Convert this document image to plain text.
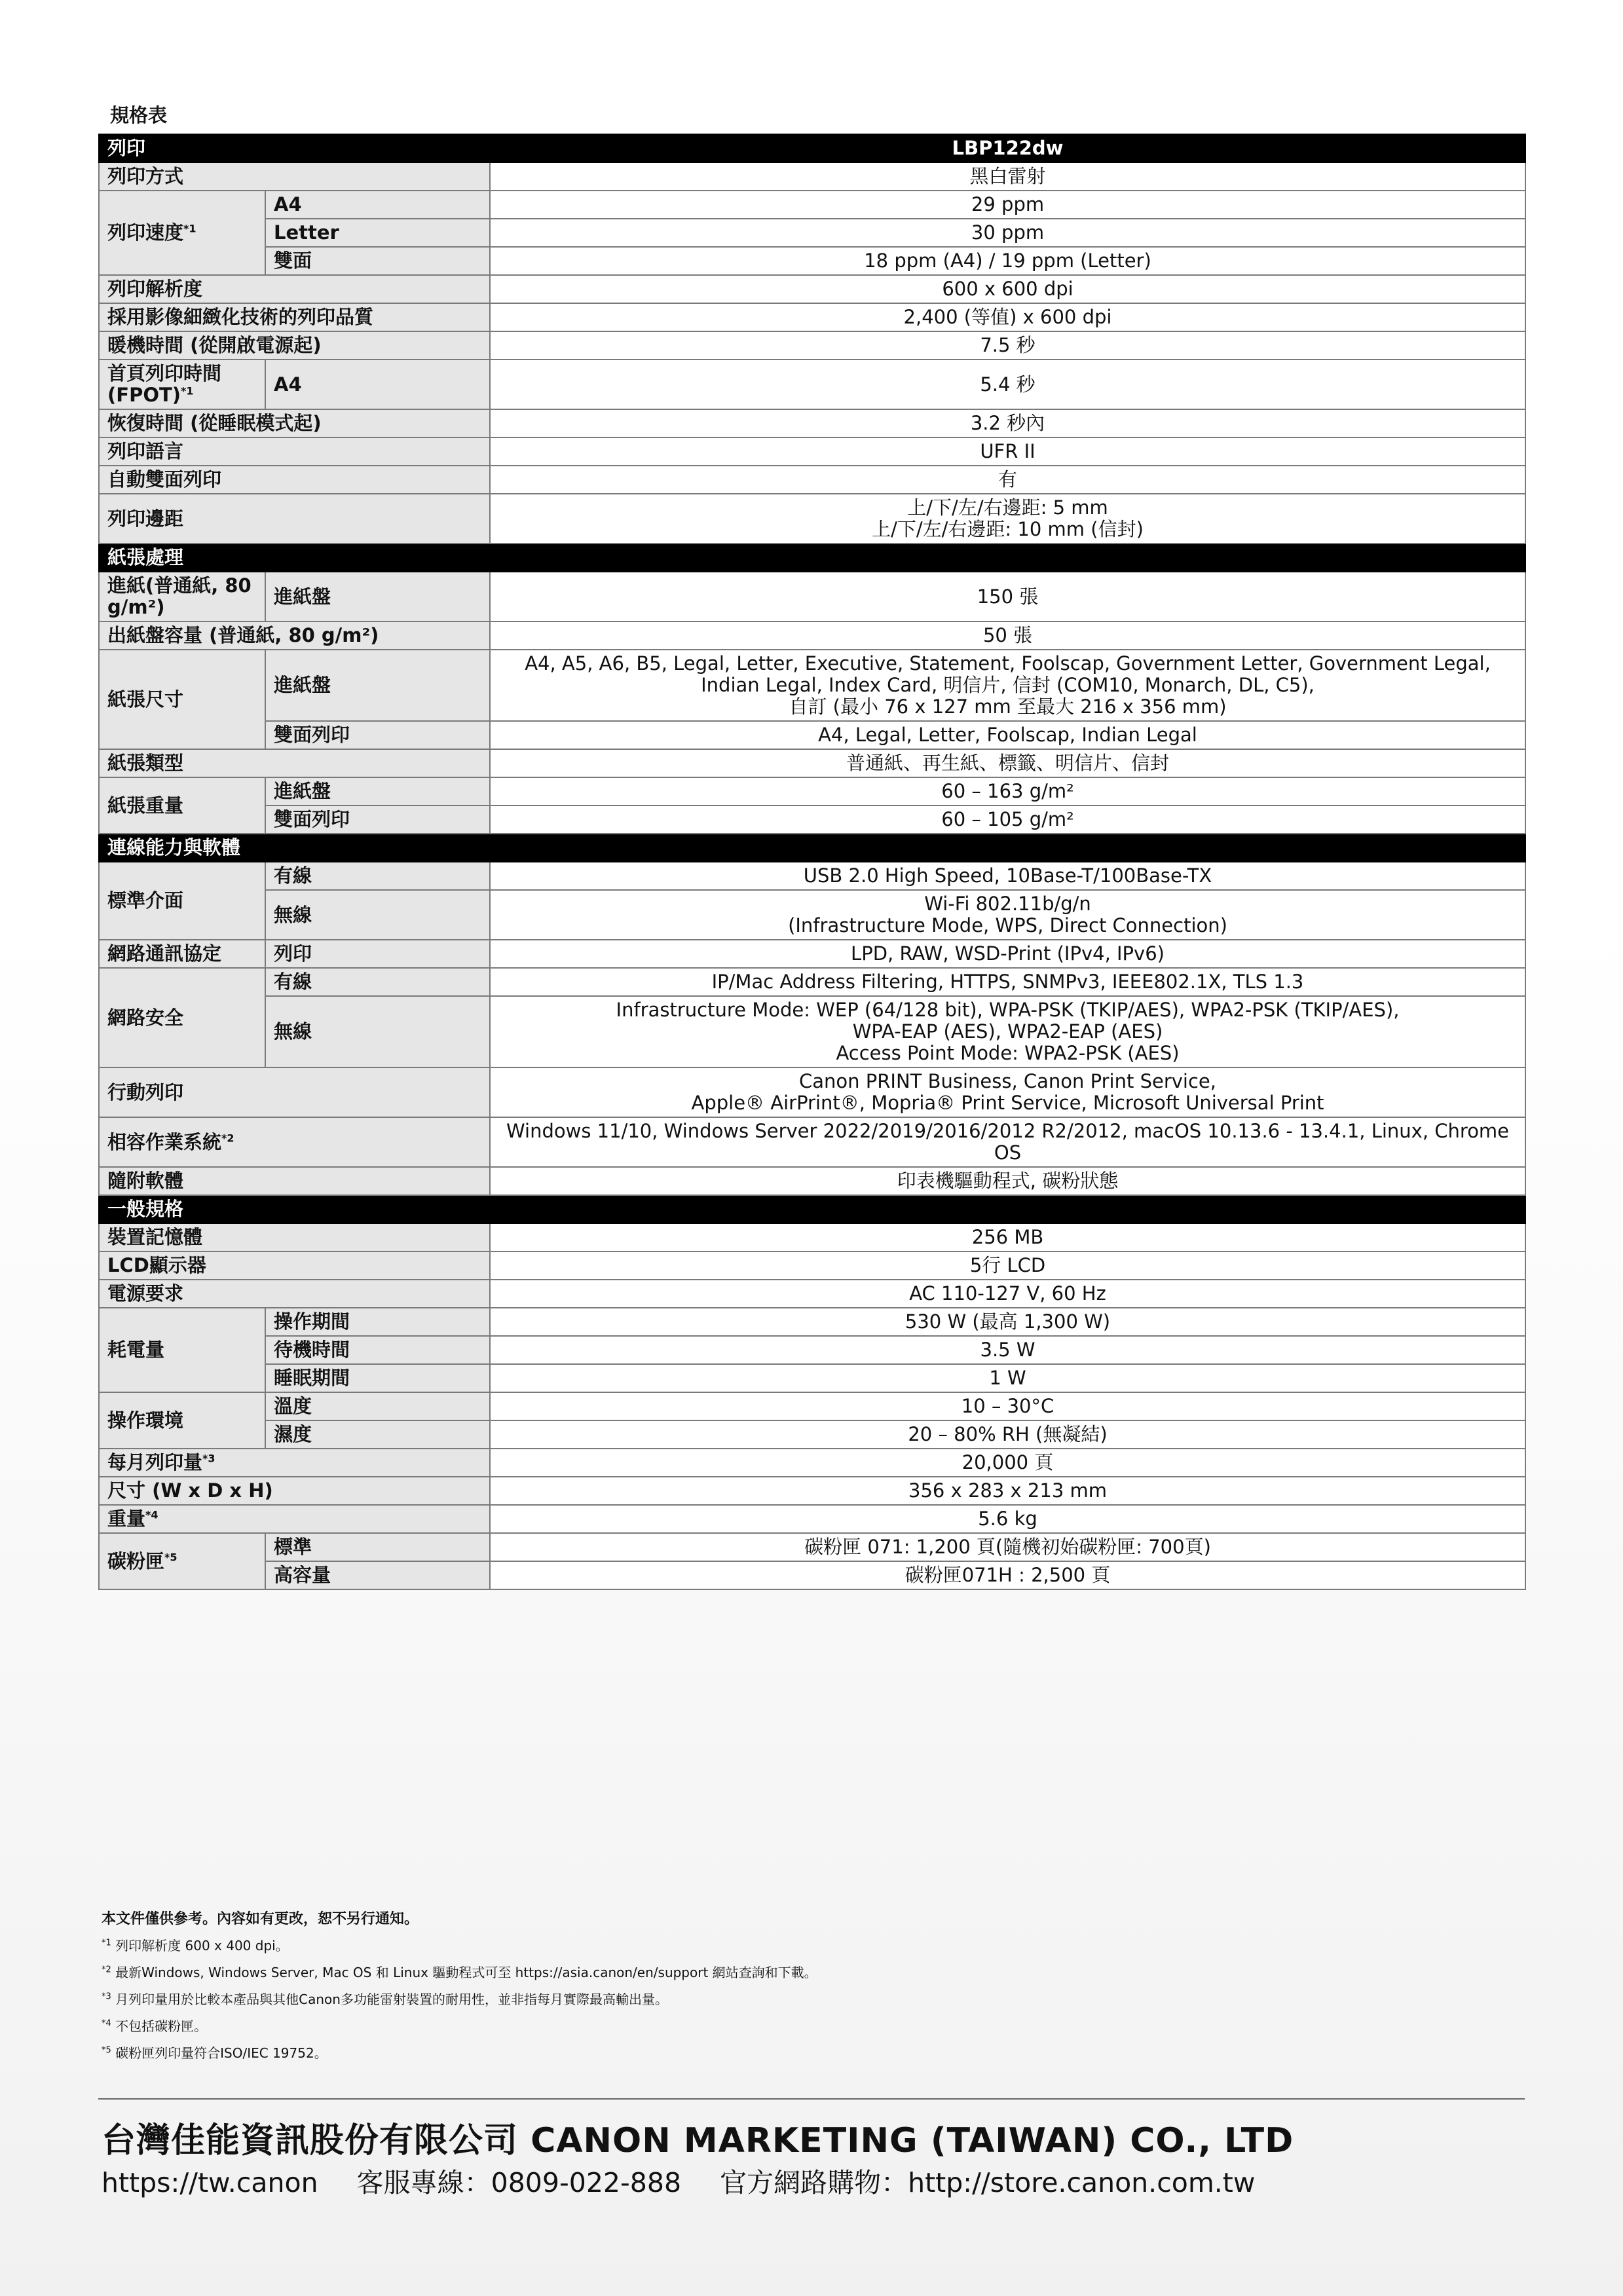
規格表
列印		LBP122dw
列印方式		黑白雷射
列印速度$^{*1}$	A4	29 ppm
	Letter	30 ppm
	雙面	18 ppm (A4) / 19 ppm (Letter)
列印解析度		600 x 600 dpi
採用影像細緻化技術的列印品質		2,400 (等值) x 600 dpi
暖機時間 (從開啟電源起)		7.5 秒
首頁列印時間 (FPOT)$^{*1}$	A4	5.4 秒
恢復時間 (從睡眠模式起)		3.2 秒內
列印語言		UFR II
自動雙面列印		有
列印邊距		上/下/左/右邊距: 5 mm
上/下/左/右邊距: 10 mm (信封)
紙張處理		
進紙(普通紙, 80 g/m²)	進紙盤	150 張
出紙盤容量 (普通紙, 80 g/m²)		50 張
紙張尺寸	進紙盤	A4, A5, A6, B5, Legal, Letter, Executive, Statement, Foolscap, Government Letter, Government Legal,
Indian Legal, Index Card, 明信片, 信封 (COM10, Monarch, DL, C5),
自訂 (最小 76 x 127 mm 至最大 216 x 356 mm)
	雙面列印	A4, Legal, Letter, Foolscap, Indian Legal
紙張類型		普通紙、再生紙、標籤、明信片、信封
紙張重量	進紙盤	60 – 163 g/m²
	雙面列印	60 – 105 g/m²
連線能力與軟體		
標準介面	有線	USB 2.0 High Speed, 10Base-T/100Base-TX
	無線	Wi-Fi 802.11b/g/n
(Infrastructure Mode, WPS, Direct Connection)
網路通訊協定	列印	LPD, RAW, WSD-Print (IPv4, IPv6)
網路安全	有線	IP/Mac Address Filtering, HTTPS, SNMPv3, IEEE802.1X, TLS 1.3
	無線	Infrastructure Mode: WEP (64/128 bit), WPA-PSK (TKIP/AES), WPA2-PSK (TKIP/AES),
WPA-EAP (AES), WPA2-EAP (AES)
Access Point Mode: WPA2-PSK (AES)
行動列印		Canon PRINT Business, Canon Print Service,
Apple® AirPrint®, Mopria® Print Service, Microsoft Universal Print
相容作業系統$^{*2}$		Windows 11/10, Windows Server 2022/2019/2016/2012 R2/2012, macOS 10.13.6 - 13.4.1, Linux, Chrome OS
隨附軟體		印表機驅動程式, 碳粉狀態
一般規格		
裝置記憶體		256 MB
LCD顯示器		5行 LCD
電源要求		AC 110-127 V, 60 Hz
耗電量	操作期間	530 W (最高 1,300 W)
	待機時間	3.5 W
	睡眠期間	1 W
操作環境	溫度	10 – 30°C
	濕度	20 – 80% RH (無凝結)
每月列印量$^{*3}$		20,000 頁
尺寸 (W x D x H)		356 x 283 x 213 mm
重量$^{*4}$		5.6 kg
碳粉匣$^{*5}$	標準	碳粉匣 071: 1,200 頁(隨機初始碳粉匣: 700頁)
	高容量	碳粉匣071H : 2,500 頁
本文件僅供參考。內容如有更改，恕不另行通知。
$^{*1}$ 列印解析度 600 x 400 dpi。
$^{*2}$ 最新Windows, Windows Server, Mac OS 和 Linux 驅動程式可至 https://asia.canon/en/support 網站查詢和下載。
$^{*3}$ 月列印量用於比較本產品與其他Canon多功能雷射裝置的耐用性，並非指每月實際最高輸出量。
$^{*4}$ 不包括碳粉匣。
$^{*5}$ 碳粉匣列印量符合ISO/IEC 19752。
台灣佳能資訊股份有限公司 CANON MARKETING (TAIWAN) CO., LTD
https://tw.canon 客服專線：0809-022-888 官方網路購物：http://store.canon.com.tw
